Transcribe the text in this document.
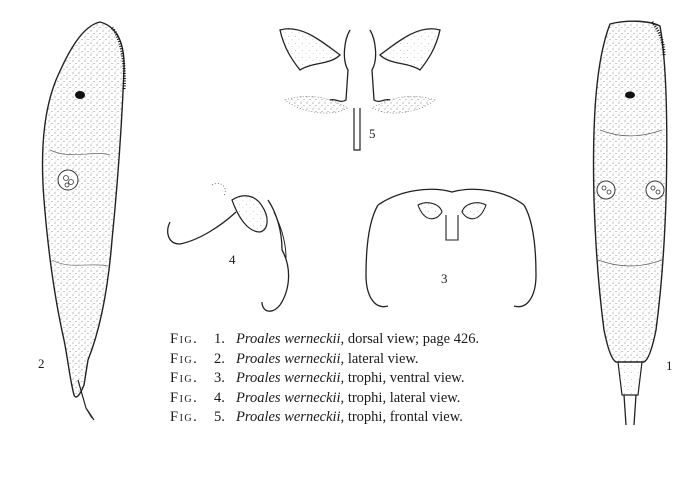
5
4
3
2	1
Fig. 1. Proales werneckii, dorsal view; page 426.
Fig. 2. Proales werneckii, lateral view.
Fig. 3. Proales werneckii, trophi, ventral view.
Fig. 4. Proales werneckii, trophi, lateral view.
Fig. 5. Proales werneckii, trophi, frontal view.
